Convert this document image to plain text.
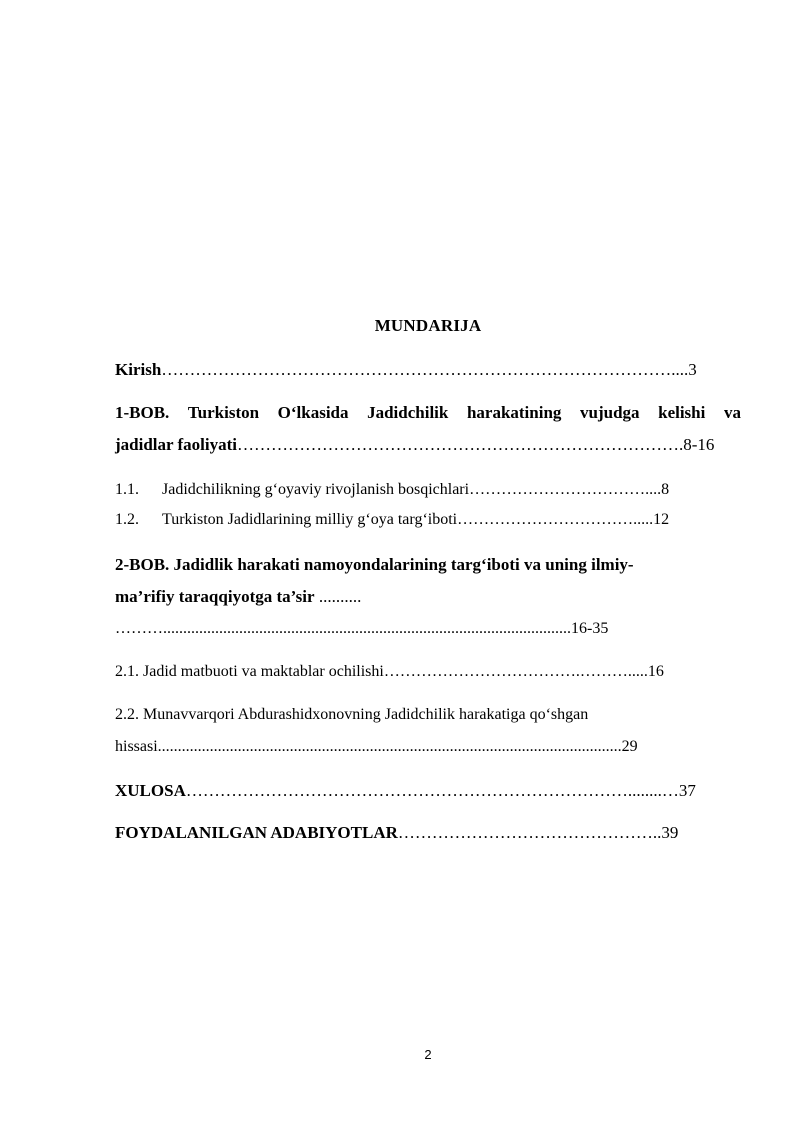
MUNDARIJA
Kirish………………………………………………………………………………....3
1-BOB. Turkiston O‘lkasida Jadidchilik harakatining vujudga kelishi va
jadidlar faoliyati…………………………………………………………………….8-16
1.1. Jadidchilikning g‘oyaviy rivojlanish bosqichlari……………………………....8
1.2. Turkiston Jadidlarining milliy g‘oya targ‘iboti…………………………….....12
2-BOB. Jadidlik harakati namoyondalarining targ‘iboti va uning ilmiy-
ma’rifiy taraqqiyotga ta’sir ..........
………......................................................................................................16-35
2.1. Jadid matbuoti va maktablar ochilishi……………………………….……….....16
2.2. Munavvarqori Abdurashidxonovning Jadidchilik harakatiga qo‘shgan
hissasi....................................................................................................................29
XULOSA……………………………………………………………………........…37
FOYDALANILGAN ADABIYOTLAR………………………………………..39
2
